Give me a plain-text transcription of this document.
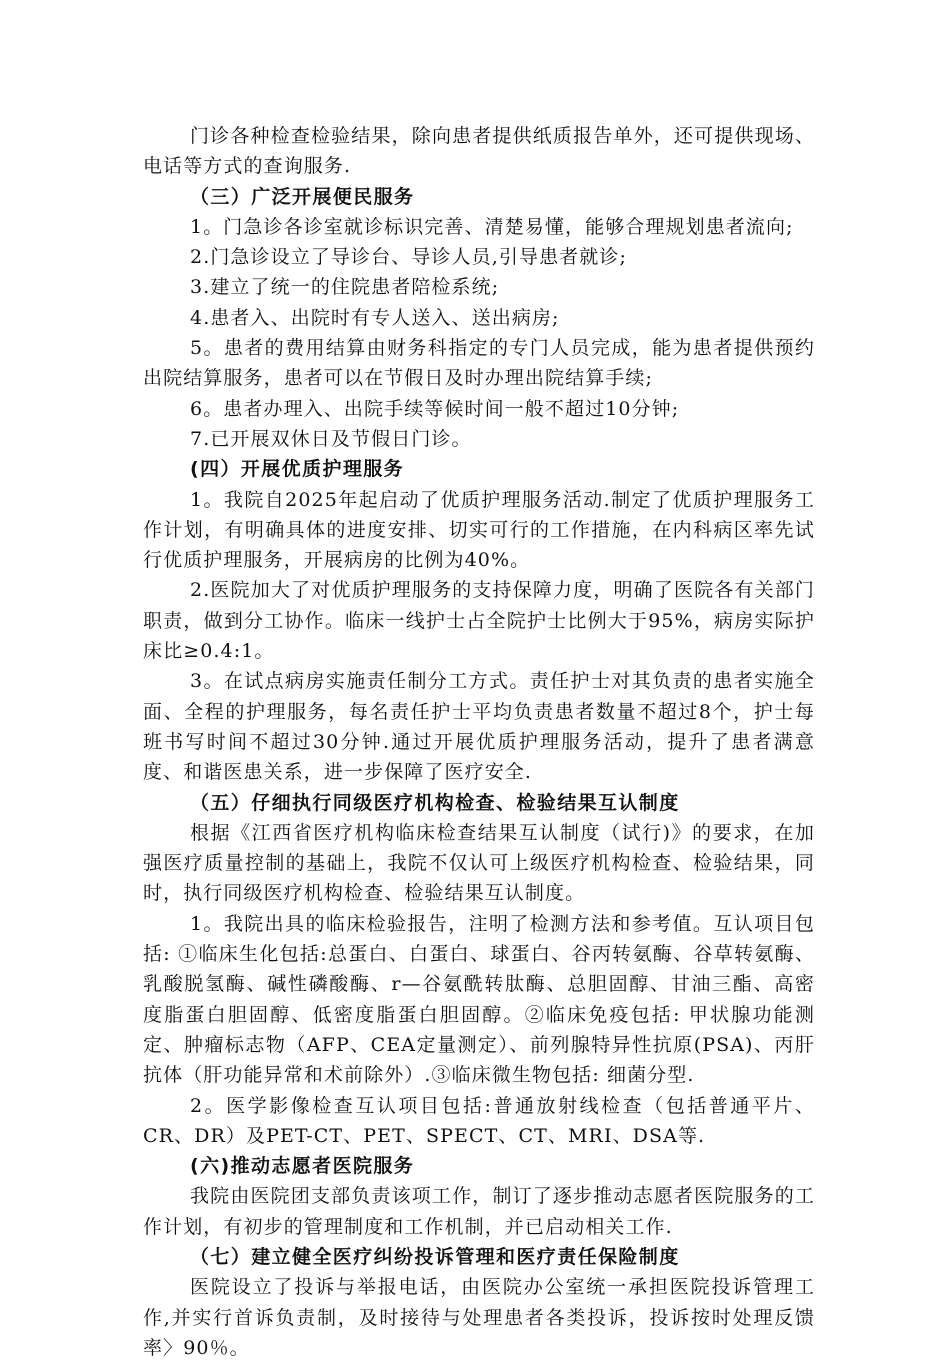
门诊各种检查检验结果，除向患者提供纸质报告单外，还可提供现场、电话等方式的查询服务.

（三）广泛开展便民服务

1。门急诊各诊室就诊标识完善、清楚易懂，能够合理规划患者流向;

2.门急诊设立了导诊台、导诊人员,引导患者就诊;

3.建立了统一的住院患者陪检系统;

4.患者入、出院时有专人送入、送出病房;

5。患者的费用结算由财务科指定的专门人员完成，能为患者提供预约出院结算服务，患者可以在节假日及时办理出院结算手续;

6。患者办理入、出院手续等候时间一般不超过10分钟;

7.已开展双休日及节假日门诊。

(四）开展优质护理服务

1。我院自2025年起启动了优质护理服务活动.制定了优质护理服务工作计划，有明确具体的进度安排、切实可行的工作措施，在内科病区率先试行优质护理服务，开展病房的比例为40%。

2.医院加大了对优质护理服务的支持保障力度，明确了医院各有关部门职责，做到分工协作。临床一线护士占全院护士比例大于95%，病房实际护床比≥0.4:1。

3。在试点病房实施责任制分工方式。责任护士对其负责的患者实施全面、全程的护理服务，每名责任护士平均负责患者数量不超过8个，护士每班书写时间不超过30分钟.通过开展优质护理服务活动，提升了患者满意度、和谐医患关系，进一步保障了医疗安全.

（五）仔细执行同级医疗机构检查、检验结果互认制度

根据《江西省医疗机构临床检查结果互认制度（试行)》的要求，在加强医疗质量控制的基础上，我院不仅认可上级医疗机构检查、检验结果，同时，执行同级医疗机构检查、检验结果互认制度。

1。我院出具的临床检验报告，注明了检测方法和参考值。互认项目包括: ①临床生化包括:总蛋白、白蛋白、球蛋白、谷丙转氨酶、谷草转氨酶、乳酸脱氢酶、碱性磷酸酶、r—谷氨酰转肽酶、总胆固醇、甘油三酯、高密度脂蛋白胆固醇、低密度脂蛋白胆固醇。②临床免疫包括: 甲状腺功能测定、肿瘤标志物（AFP、CEA定量测定）、前列腺特异性抗原(PSA)、丙肝抗体（肝功能异常和术前除外）.③临床微生物包括: 细菌分型.

2。医学影像检查互认项目包括:普通放射线检查（包括普通平片、CR、DR）及PET-CT、PET、SPECT、CT、MRI、DSA等.

(六)推动志愿者医院服务

我院由医院团支部负责该项工作，制订了逐步推动志愿者医院服务的工作计划，有初步的管理制度和工作机制，并已启动相关工作.

（七）建立健全医疗纠纷投诉管理和医疗责任保险制度

医院设立了投诉与举报电话，由医院办公室统一承担医院投诉管理工作,并实行首诉负责制，及时接待与处理患者各类投诉，投诉按时处理反馈率〉90％。
